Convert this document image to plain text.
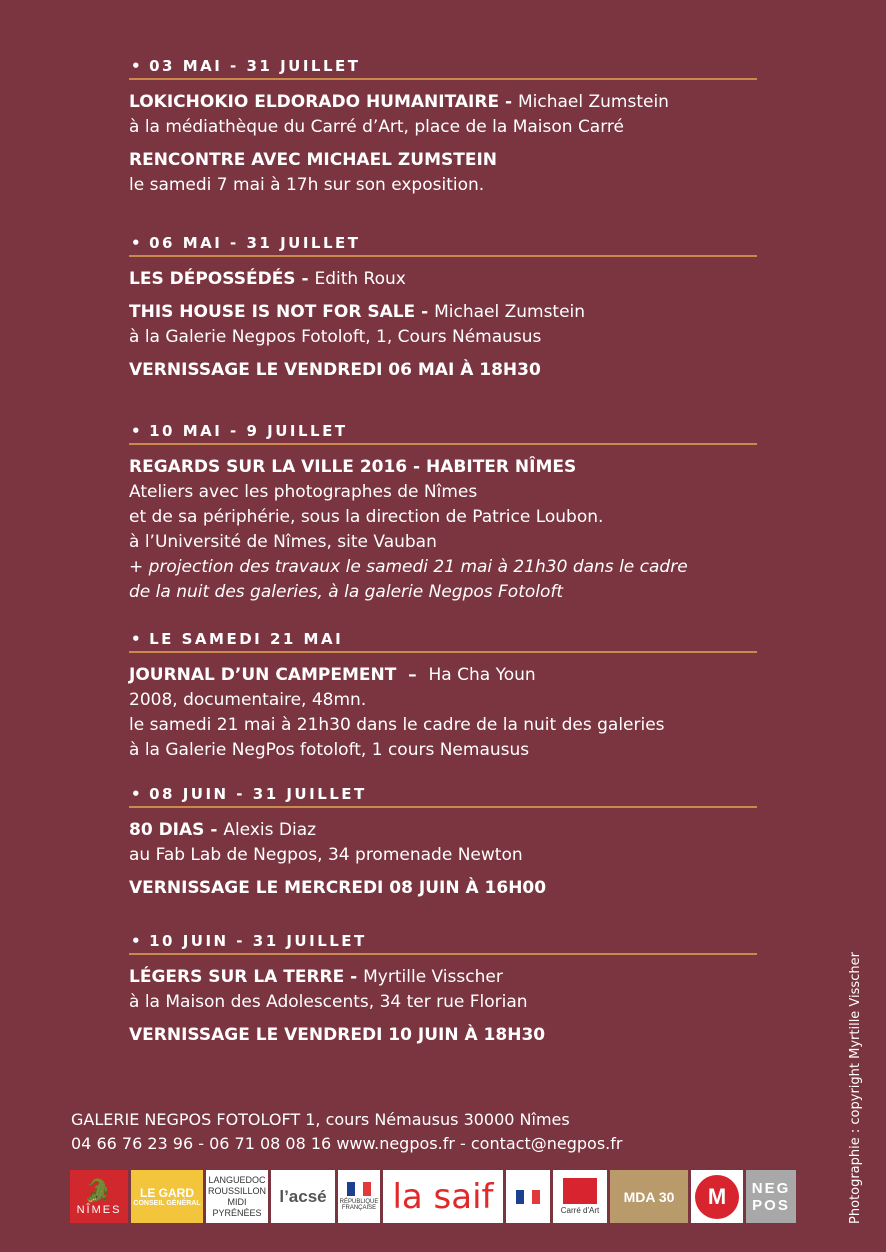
• 03 MAI - 31 JUILLET
LOKICHOKIO ELDORADO HUMANITAIRE - Michael Zumstein
à la médiathèque du Carré d’Art, place de la Maison Carré
RENCONTRE AVEC MICHAEL ZUMSTEIN
le samedi 7 mai à 17h sur son exposition.
• 06 MAI - 31 JUILLET
LES DÉPOSSÉDÉS - Edith Roux
THIS HOUSE IS NOT FOR SALE - Michael Zumstein
à la Galerie Negpos Fotoloft, 1, Cours Némausus
VERNISSAGE LE VENDREDI 06 MAI À 18H30
• 10 MAI - 9 JUILLET
REGARDS SUR LA VILLE 2016 - HABITER NÎMES
Ateliers avec les photographes de Nîmes
et de sa périphérie, sous la direction de Patrice Loubon.
à l’Université de Nîmes, site Vauban
+ projection des travaux le samedi 21 mai à 21h30 dans le cadre
de la nuit des galeries, à la galerie Negpos Fotoloft
• LE SAMEDI 21 MAI
JOURNAL D’UN CAMPEMENT  –  Ha Cha Youn
2008, documentaire, 48mn.
le samedi 21 mai à 21h30 dans le cadre de la nuit des galeries
à la Galerie NegPos fotoloft, 1 cours Nemausus
• 08 JUIN - 31 JUILLET
80 DIAS - Alexis Diaz
au Fab Lab de Negpos, 34 promenade Newton
VERNISSAGE LE MERCREDI 08 JUIN À 16H00
• 10 JUIN - 31 JUILLET
LÉGERS SUR LA TERRE - Myrtille Visscher
à la Maison des Adolescents, 34 ter rue Florian
VERNISSAGE LE VENDREDI 10 JUIN À 18H30
GALERIE NEGPOS FOTOLOFT 1, cours Némausus 30000 Nîmes
04 66 76 23 96 - 06 71 08 08 16 www.negpos.fr - contact@negpos.fr	Photographie : copyright Myrtille Visscher
🐊
NÎMES
LE GARD
CONSEIL GÉNÉRAL
LANGUEDOC
ROUSSILLON
MIDI
PYRÉNÉES
l’acsé RÉPUBLIQUE FRANÇAISE la saif	Carré d'Art
MDA 30	M	NEG
POS
